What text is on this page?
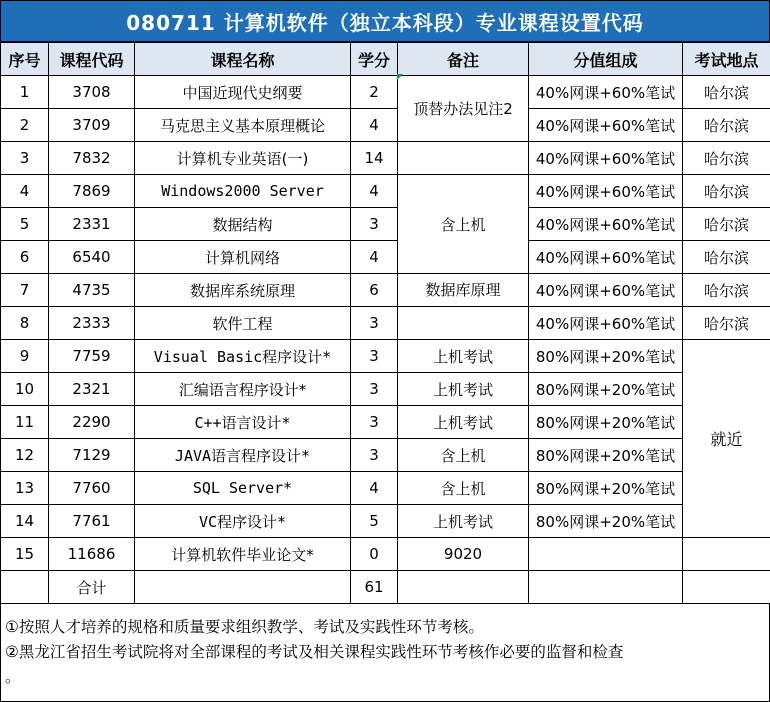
080711 计算机软件（独立本科段）专业课程设置代码
序号	课程代码	课程名称	学分	备注	分值组成	考试地点
1	3708	中国近现代史纲要	2	顶替办法见注2	40%网课+60%笔试	哈尔滨
2	3709	马克思主义基本原理概论	4		40%网课+60%笔试	哈尔滨
3	7832	计算机专业英语(一)	14		40%网课+60%笔试	哈尔滨
4	7869	Windows2000 Server	4	含上机	40%网课+60%笔试	哈尔滨
5	2331	数据结构	3		40%网课+60%笔试	哈尔滨
6	6540	计算机网络	4		40%网课+60%笔试	哈尔滨
7	4735	数据库系统原理	6	数据库原理	40%网课+60%笔试	哈尔滨
8	2333	软件工程	3		40%网课+60%笔试	哈尔滨
9	7759	Visual Basic程序设计*	3	上机考试	80%网课+20%笔试	就近
10	2321	汇编语言程序设计*	3	上机考试	80%网课+20%笔试	
11	2290	C++语言设计*	3	上机考试	80%网课+20%笔试	
12	7129	JAVA语言程序设计*	3	含上机	80%网课+20%笔试	
13	7760	SQL Server*	4	含上机	80%网课+20%笔试	
14	7761	VC程序设计*	5	上机考试	80%网课+20%笔试	
15	11686	计算机软件毕业论文*	0	9020		
	合计		61			

①按照人才培养的规格和质量要求组织教学、考试及实践性环节考核。

②黑龙江省招生考试院将对全部课程的考试及相关课程实践性环节考核作必要的监督和检查

。
